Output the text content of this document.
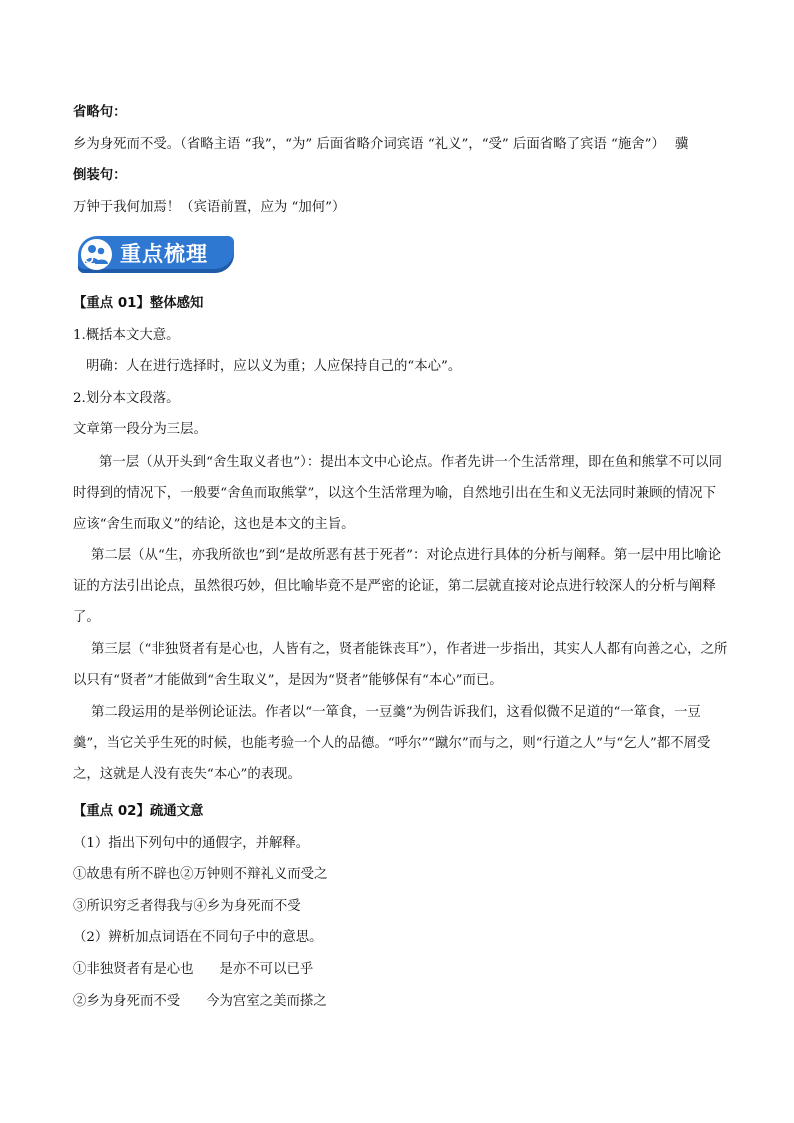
省略句：
乡为身死而不受。（省略主语 “我”，“为” 后面省略介词宾语 “礼义”，“受” 后面省略了宾语 “施舍”） 骥
倒装句：
万钟于我何加焉！（宾语前置，应为 “加何”）
重点梳理
【重点 01】整体感知
1.概括本文大意。
明确：人在进行选择时，应以义为重；人应保持自己的“本心”。
2.划分本文段落。
文章第一段分为三层。
第一层（从开头到“舍生取义者也”）：提出本文中心论点。作者先讲一个生活常理，即在鱼和熊掌不可以同时得到的情况下，一般要“舍鱼而取熊掌”，以这个生活常理为喻，自然地引出在生和义无法同时兼顾的情况下应该“舍生而取义”的结论，这也是本文的主旨。
第二层（从“生，亦我所欲也”到“是故所恶有甚于死者”：对论点进行具体的分析与阐释。第一层中用比喻论证的方法引出论点，虽然很巧妙，但比喻毕竟不是严密的论证，第二层就直接对论点进行较深人的分析与阐释了。
第三层（“非独贤者有是心也，人皆有之，贤者能铢丧耳”），作者进一步指出，其实人人都有向善之心，之所以只有“贤者”才能做到“舍生取义”，是因为“贤者”能够保有“本心”而已。
第二段运用的是举例论证法。作者以“一箪食，一豆羹”为例告诉我们，这看似微不足道的“一箪食，一豆羹”，当它关乎生死的时候，也能考验一个人的品德。“呼尔”“蹴尔”而与之，则“行道之人”与“乞人”都不屑受之，这就是人没有丧失“本心”的表现。
【重点 02】疏通文意
（1）指出下列句中的通假字，并解释。
①故患有所不辟也②万钟则不辩礼义而受之
③所识穷乏者得我与④乡为身死而不受
（2）辨析加点词语在不同句子中的意思。
①非独贤者有是心也 是亦不可以已乎
②乡为身死而不受 今为宫室之美而搽之
